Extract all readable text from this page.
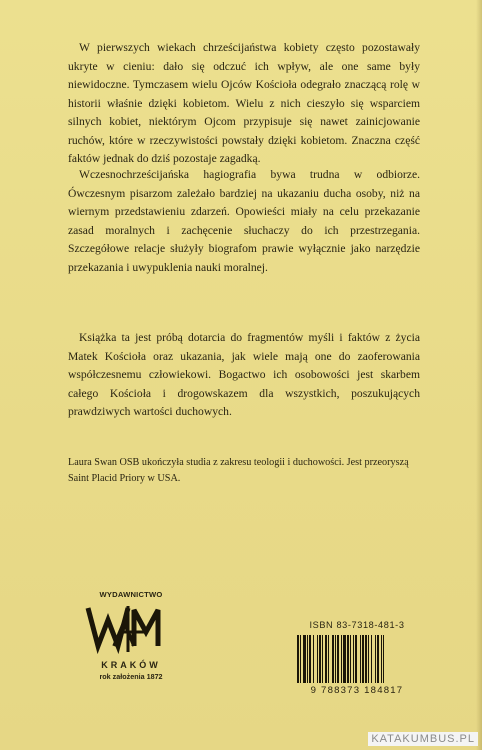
W pierwszych wiekach chrześcijaństwa kobiety często pozostawały ukryte w cieniu: dało się odczuć ich wpływ, ale one same były niewidoczne. Tymczasem wielu Ojców Kościoła odegrało znaczącą rolę w historii właśnie dzięki kobietom. Wielu z nich cieszyło się wsparciem silnych kobiet, niektórym Ojcom przypisuje się nawet zainicjowanie ruchów, które w rzeczywistości powstały dzięki kobietom. Znaczna część faktów jednak do dziś pozostaje zagadką.

Wczesnochrześcijańska hagiografia bywa trudna w odbiorze. Ówczesnym pisarzom zależało bardziej na ukazaniu ducha osoby, niż na wiernym przedstawieniu zdarzeń. Opowieści miały na celu przekazanie zasad moralnych i zachęcenie słuchaczy do ich przestrzegania. Szczegółowe relacje służyły biografom prawie wyłącznie jako narzędzie przekazania i uwypuklenia nauki moralnej.

Książka ta jest próbą dotarcia do fragmentów myśli i faktów z życia Matek Kościoła oraz ukazania, jak wiele mają one do zaoferowania współczesnemu człowiekowi. Bogactwo ich osobowości jest skarbem całego Kościoła i drogowskazem dla wszystkich, poszukujących prawdziwych wartości duchowych.

Laura Swan OSB ukończyła studia z zakresu teologii i duchowości. Jest przeoryszą Saint Placid Priory w USA.

WYDAWNICTWO
KRAKÓW
rok założenia 1872
ISBN 83-7318-481-3
9 788373 184817
KATAKUMBUS.PL
